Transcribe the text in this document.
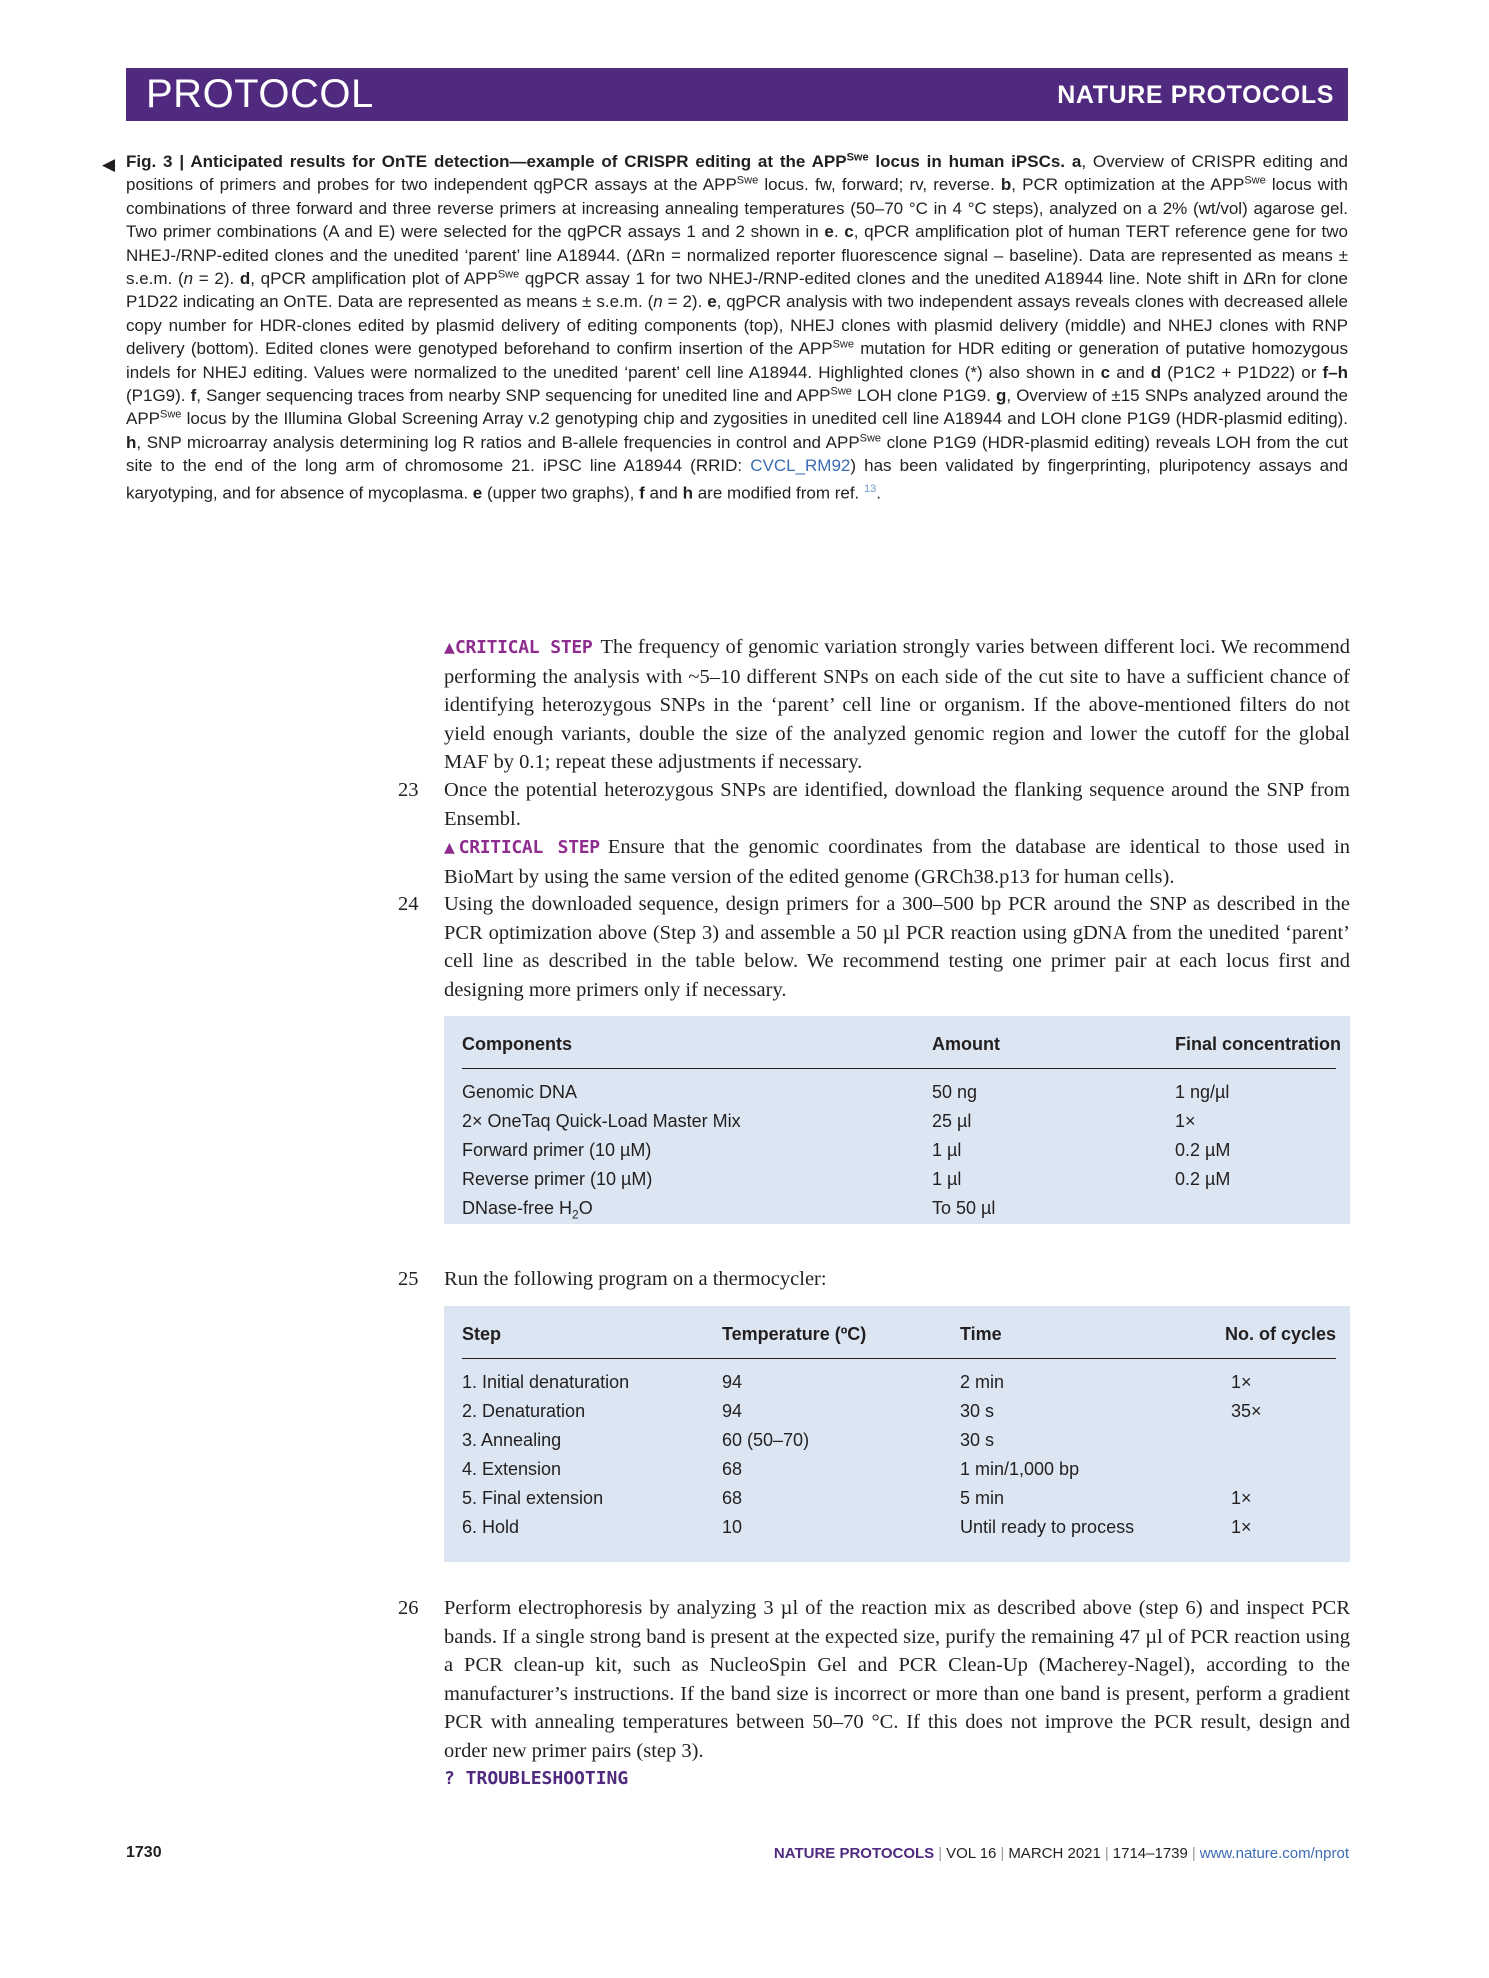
PROTOCOL	NATURE PROTOCOLS
◀ Fig. 3 | Anticipated results for OnTE detection—example of CRISPR editing at the $APP^{Swe}$ locus in human iPSCs. a, Overview of CRISPR editing and positions of primers and probes for two independent qgPCR assays at the $APP^{Swe}$ locus. fw, forward; rv, reverse. b, PCR optimization at the $APP^{Swe}$ locus with combinations of three forward and three reverse primers at increasing annealing temperatures (50–70 °C in 4 °C steps), analyzed on a 2% (wt/vol) agarose gel. Two primer combinations (A and E) were selected for the qgPCR assays 1 and 2 shown in e. c, qPCR amplification plot of human TERT reference gene for two NHEJ-/RNP-edited clones and the unedited ‘parent’ line A18944. (ΔRn = normalized reporter fluorescence signal – baseline). Data are represented as means ± s.e.m. (n = 2). d, qPCR amplification plot of $APP^{Swe}$ qgPCR assay 1 for two NHEJ-/RNP-edited clones and the unedited A18944 line. Note shift in ΔRn for clone P1D22 indicating an OnTE. Data are represented as means ± s.e.m. (n = 2). e, qgPCR analysis with two independent assays reveals clones with decreased allele copy number for HDR-clones edited by plasmid delivery of editing components (top), NHEJ clones with plasmid delivery (middle) and NHEJ clones with RNP delivery (bottom). Edited clones were genotyped beforehand to confirm insertion of the $APP^{Swe}$ mutation for HDR editing or generation of putative homozygous indels for NHEJ editing. Values were normalized to the unedited ‘parent’ cell line A18944. Highlighted clones (*) also shown in c and d (P1C2 + P1D22) or f–h (P1G9). f, Sanger sequencing traces from nearby SNP sequencing for unedited line and $APP^{Swe}$ LOH clone P1G9. g, Overview of ±15 SNPs analyzed around the $APP^{Swe}$ locus by the Illumina Global Screening Array v.2 genotyping chip and zygosities in unedited cell line A18944 and LOH clone P1G9 (HDR-plasmid editing). h, SNP microarray analysis determining log R ratios and B-allele frequencies in control and $APP^{Swe}$ clone P1G9 (HDR-plasmid editing) reveals LOH from the cut site to the end of the long arm of chromosome 21. iPSC line A18944 (RRID: CVCL_RM92) has been validated by fingerprinting, pluripotency assays and karyotyping, and for absence of mycoplasma. e (upper two graphs), f and h are modified from ref. $^{13}$.
▲CRITICAL STEP The frequency of genomic variation strongly varies between different loci. We recommend performing the analysis with ~5–10 different SNPs on each side of the cut site to have a sufficient chance of identifying heterozygous SNPs in the ‘parent’ cell line or organism. If the above-mentioned filters do not yield enough variants, double the size of the analyzed genomic region and lower the cutoff for the global MAF by 0.1; repeat these adjustments if necessary.
23 Once the potential heterozygous SNPs are identified, download the flanking sequence around the SNP from Ensembl.
▲CRITICAL STEP Ensure that the genomic coordinates from the database are identical to those used in BioMart by using the same version of the edited genome (GRCh38.p13 for human cells).
24 Using the downloaded sequence, design primers for a 300–500 bp PCR around the SNP as described in the PCR optimization above (Step 3) and assemble a 50 µl PCR reaction using gDNA from the unedited ‘parent’ cell line as described in the table below. We recommend testing one primer pair at each locus first and designing more primers only if necessary.
Components	Amount	Final concentration
Genomic DNA	50 ng	1 ng/µl
2× OneTaq Quick-Load Master Mix	25 µl	1×
Forward primer (10 µM)	1 µl	0.2 µM
Reverse primer (10 µM)	1 µl	0.2 µM
DNase-free $H_2O$	To 50 µl
25 Run the following program on a thermocycler:
Step	Temperature (ºC)	Time	No. of cycles
1. Initial denaturation	94	2 min	1×
2. Denaturation	94	30 s	35×
3. Annealing	60 (50–70)	30 s
4. Extension	68	1 min/1,000 bp
5. Final extension	68	5 min	1×
6. Hold	10	Until ready to process	1×
26 Perform electrophoresis by analyzing 3 µl of the reaction mix as described above (step 6) and inspect PCR bands. If a single strong band is present at the expected size, purify the remaining 47 µl of PCR reaction using a PCR clean-up kit, such as NucleoSpin Gel and PCR Clean-Up (Macherey-Nagel), according to the manufacturer’s instructions. If the band size is incorrect or more than one band is present, perform a gradient PCR with annealing temperatures between 50–70 °C. If this does not improve the PCR result, design and order new primer pairs (step 3).
? TROUBLESHOOTING
1730	NATURE PROTOCOLS | VOL 16 | MARCH 2021 | 1714–1739 | www.nature.com/nprot
